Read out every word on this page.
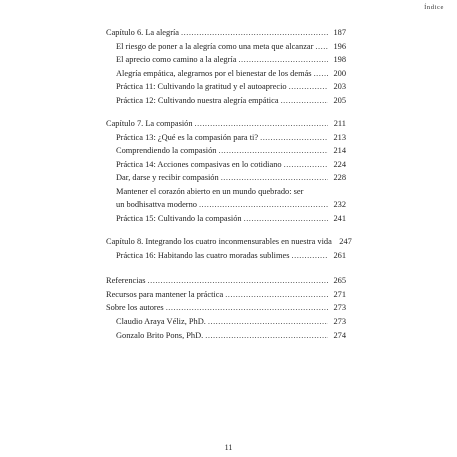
Índice
Capítulo 6. La alegría .....	187
El riesgo de poner a la alegría como una meta que alcanzar .....	196
El aprecio como camino a la alegría .....	198
Alegría empática, alegrarnos por el bienestar de los demás .....	200
Práctica 11: Cultivando la gratitud y el autoaprecio .....	203
Práctica 12: Cultivando nuestra alegría empática .....	205
Capítulo 7. La compasión .....	211
Práctica 13: ¿Qué es la compasión para ti? .....	213
Comprendiendo la compasión .....	214
Práctica 14: Acciones compasivas en lo cotidiano .....	224
Dar, darse y recibir compasión .....	228
Mantener el corazón abierto en un mundo quebrado: ser
un bodhisattva moderno .....	232
Práctica 15: Cultivando la compasión .....	241
Capítulo 8. Integrando los cuatro inconmensurables en nuestra vida 247
Práctica 16: Habitando las cuatro moradas sublimes .....	261
Referencias .....	265
Recursos para mantener la práctica .....	271
Sobre los autores .....	273
Claudio Araya Véliz, PhD. .....	273
Gonzalo Brito Pons, PhD. .....	274
11
